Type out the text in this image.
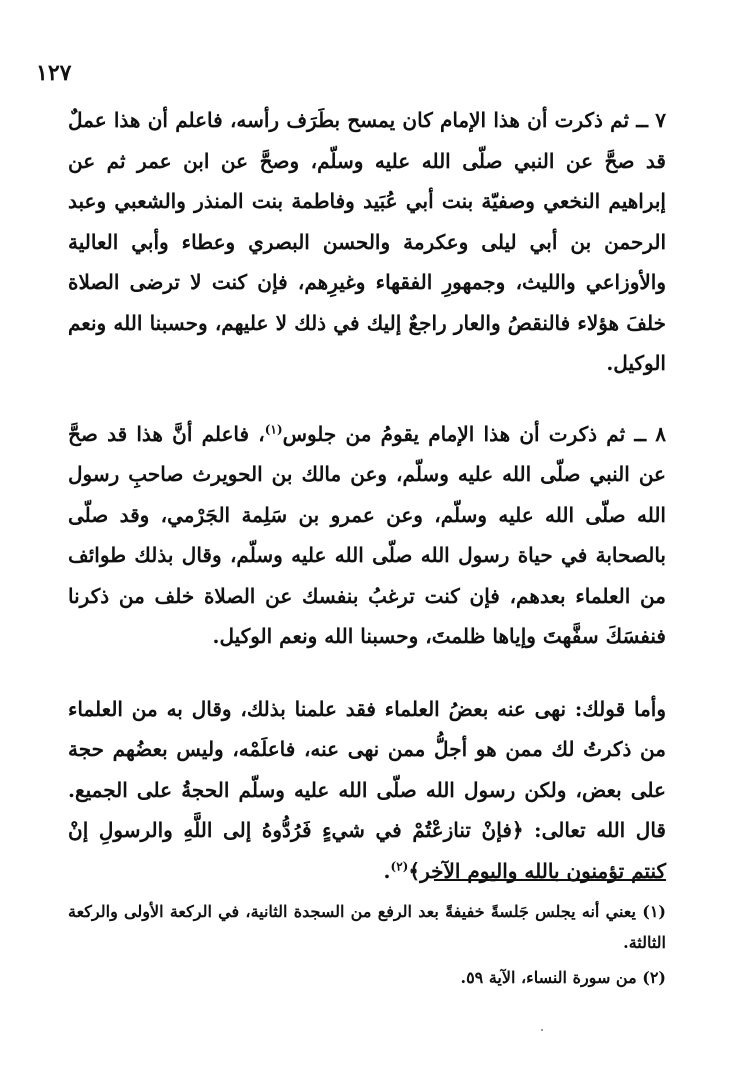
١٢٧

٧ ــ ثم ذكرت أن هذا الإمام كان يمسح بطَرَف رأسه، فاعلم أن هذا عملٌ قد صحَّ عن النبي صلّى الله عليه وسلّم، وصحَّ عن ابن عمر ثم عن إبراهيم النخعي وصفيّة بنت أبي عُبَيد وفاطمة بنت المنذر والشعبي وعبد الرحمن بن أبي ليلى وعكرمة والحسن البصري وعطاء وأبي العالية والأوزاعي والليث، وجمهورِ الفقهاء وغيرِهم، فإن كنت لا ترضى الصلاة خلفَ هؤلاء فالنقصُ والعار راجعٌ إليك في ذلك لا عليهم، وحسبنا الله ونعم الوكيل.

٨ ــ ثم ذكرت أن هذا الإمام يقومُ من جلوس$^{(١)}$، فاعلم أنَّ هذا قد صحَّ عن النبي صلّى الله عليه وسلّم، وعن مالك بن الحويرث صاحبِ رسول الله صلّى الله عليه وسلّم، وعن عمرو بن سَلِمة الجَرْمي، وقد صلّى بالصحابة في حياة رسول الله صلّى الله عليه وسلّم، وقال بذلك طوائف من العلماء بعدهم، فإن كنت ترغبُ بنفسك عن الصلاة خلف من ذكرنا فنفسَكَ سفَّهتَ وإياها ظلمتَ، وحسبنا الله ونعم الوكيل.

وأما قولك: نهى عنه بعضُ العلماء فقد علمنا بذلك، وقال به من العلماء من ذكرتُ لك ممن هو أجلُّ ممن نهى عنه، فاعلَمْه، وليس بعضُهم حجة على بعض، ولكن رسول الله صلّى الله عليه وسلّم الحجةُ على الجميع. قال الله تعالى: ﴿فإنْ تنازعْتُمْ في شيءٍ فَرُدُّوهُ إلى اللَّهِ والرسولِ إنْ كنتم تؤمنون بالله واليوم الآخر﴾$^{(٢)}$.

(١) يعني أنه يجلس جَلسةً خفيفةً بعد الرفع من السجدة الثانية، في الركعة الأولى والركعة الثالثة.

(٢) من سورة النساء، الآية ٥٩.
